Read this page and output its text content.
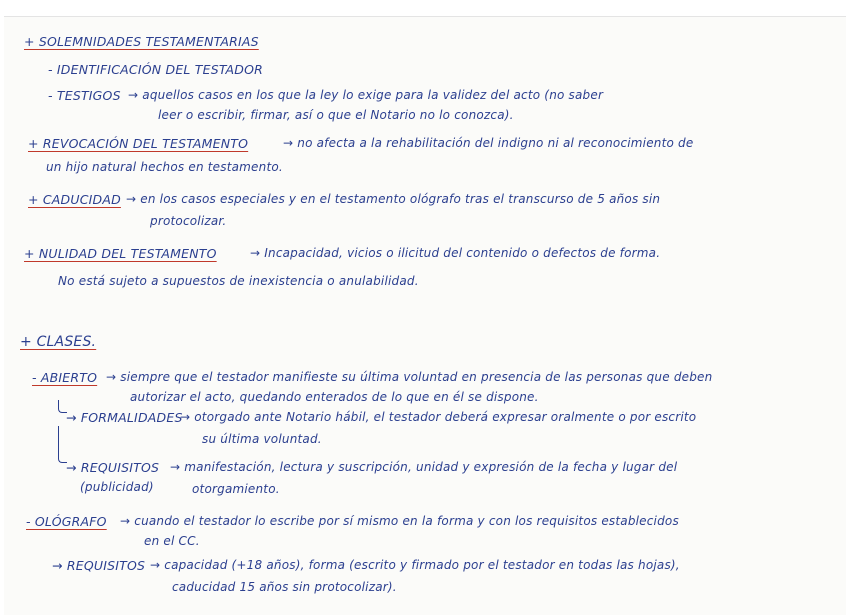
+ SOLEMNIDADES TESTAMENTARIAS
- IDENTIFICACIÓN DEL TESTADOR
- TESTIGOS → aquellos casos en los que la ley lo exige para la validez del acto (no saber
leer o escribir, firmar, así o que el Notario no lo conozca).
+ REVOCACIÓN DEL TESTAMENTO	→ no afecta a la rehabilitación del indigno ni al reconocimiento de
un hijo natural hechos en testamento.
+ CADUCIDAD → en los casos especiales y en el testamento ológrafo tras el transcurso de 5 años sin
protocolizar.
+ NULIDAD DEL TESTAMENTO	→ Incapacidad, vicios o ilicitud del contenido o defectos de forma.
No está sujeto a supuestos de inexistencia o anulabilidad.
+ CLASES.
- ABIERTO → siempre que el testador manifieste su última voluntad en presencia de las personas que deben
autorizar el acto, quedando enterados de lo que en él se dispone.
→ FORMALIDADES
→ otorgado ante Notario hábil, el testador deberá expresar oralmente o por escrito
su última voluntad.
→ REQUISITOS → manifestación, lectura y suscripción, unidad y expresión de la fecha y lugar del
(publicidad)	otorgamiento.
- OLÓGRAFO → cuando el testador lo escribe por sí mismo en la forma y con los requisitos establecidos
en el CC.
→ REQUISITOS → capacidad (+18 años), forma (escrito y firmado por el testador en todas las hojas),
caducidad 15 años sin protocolizar).
